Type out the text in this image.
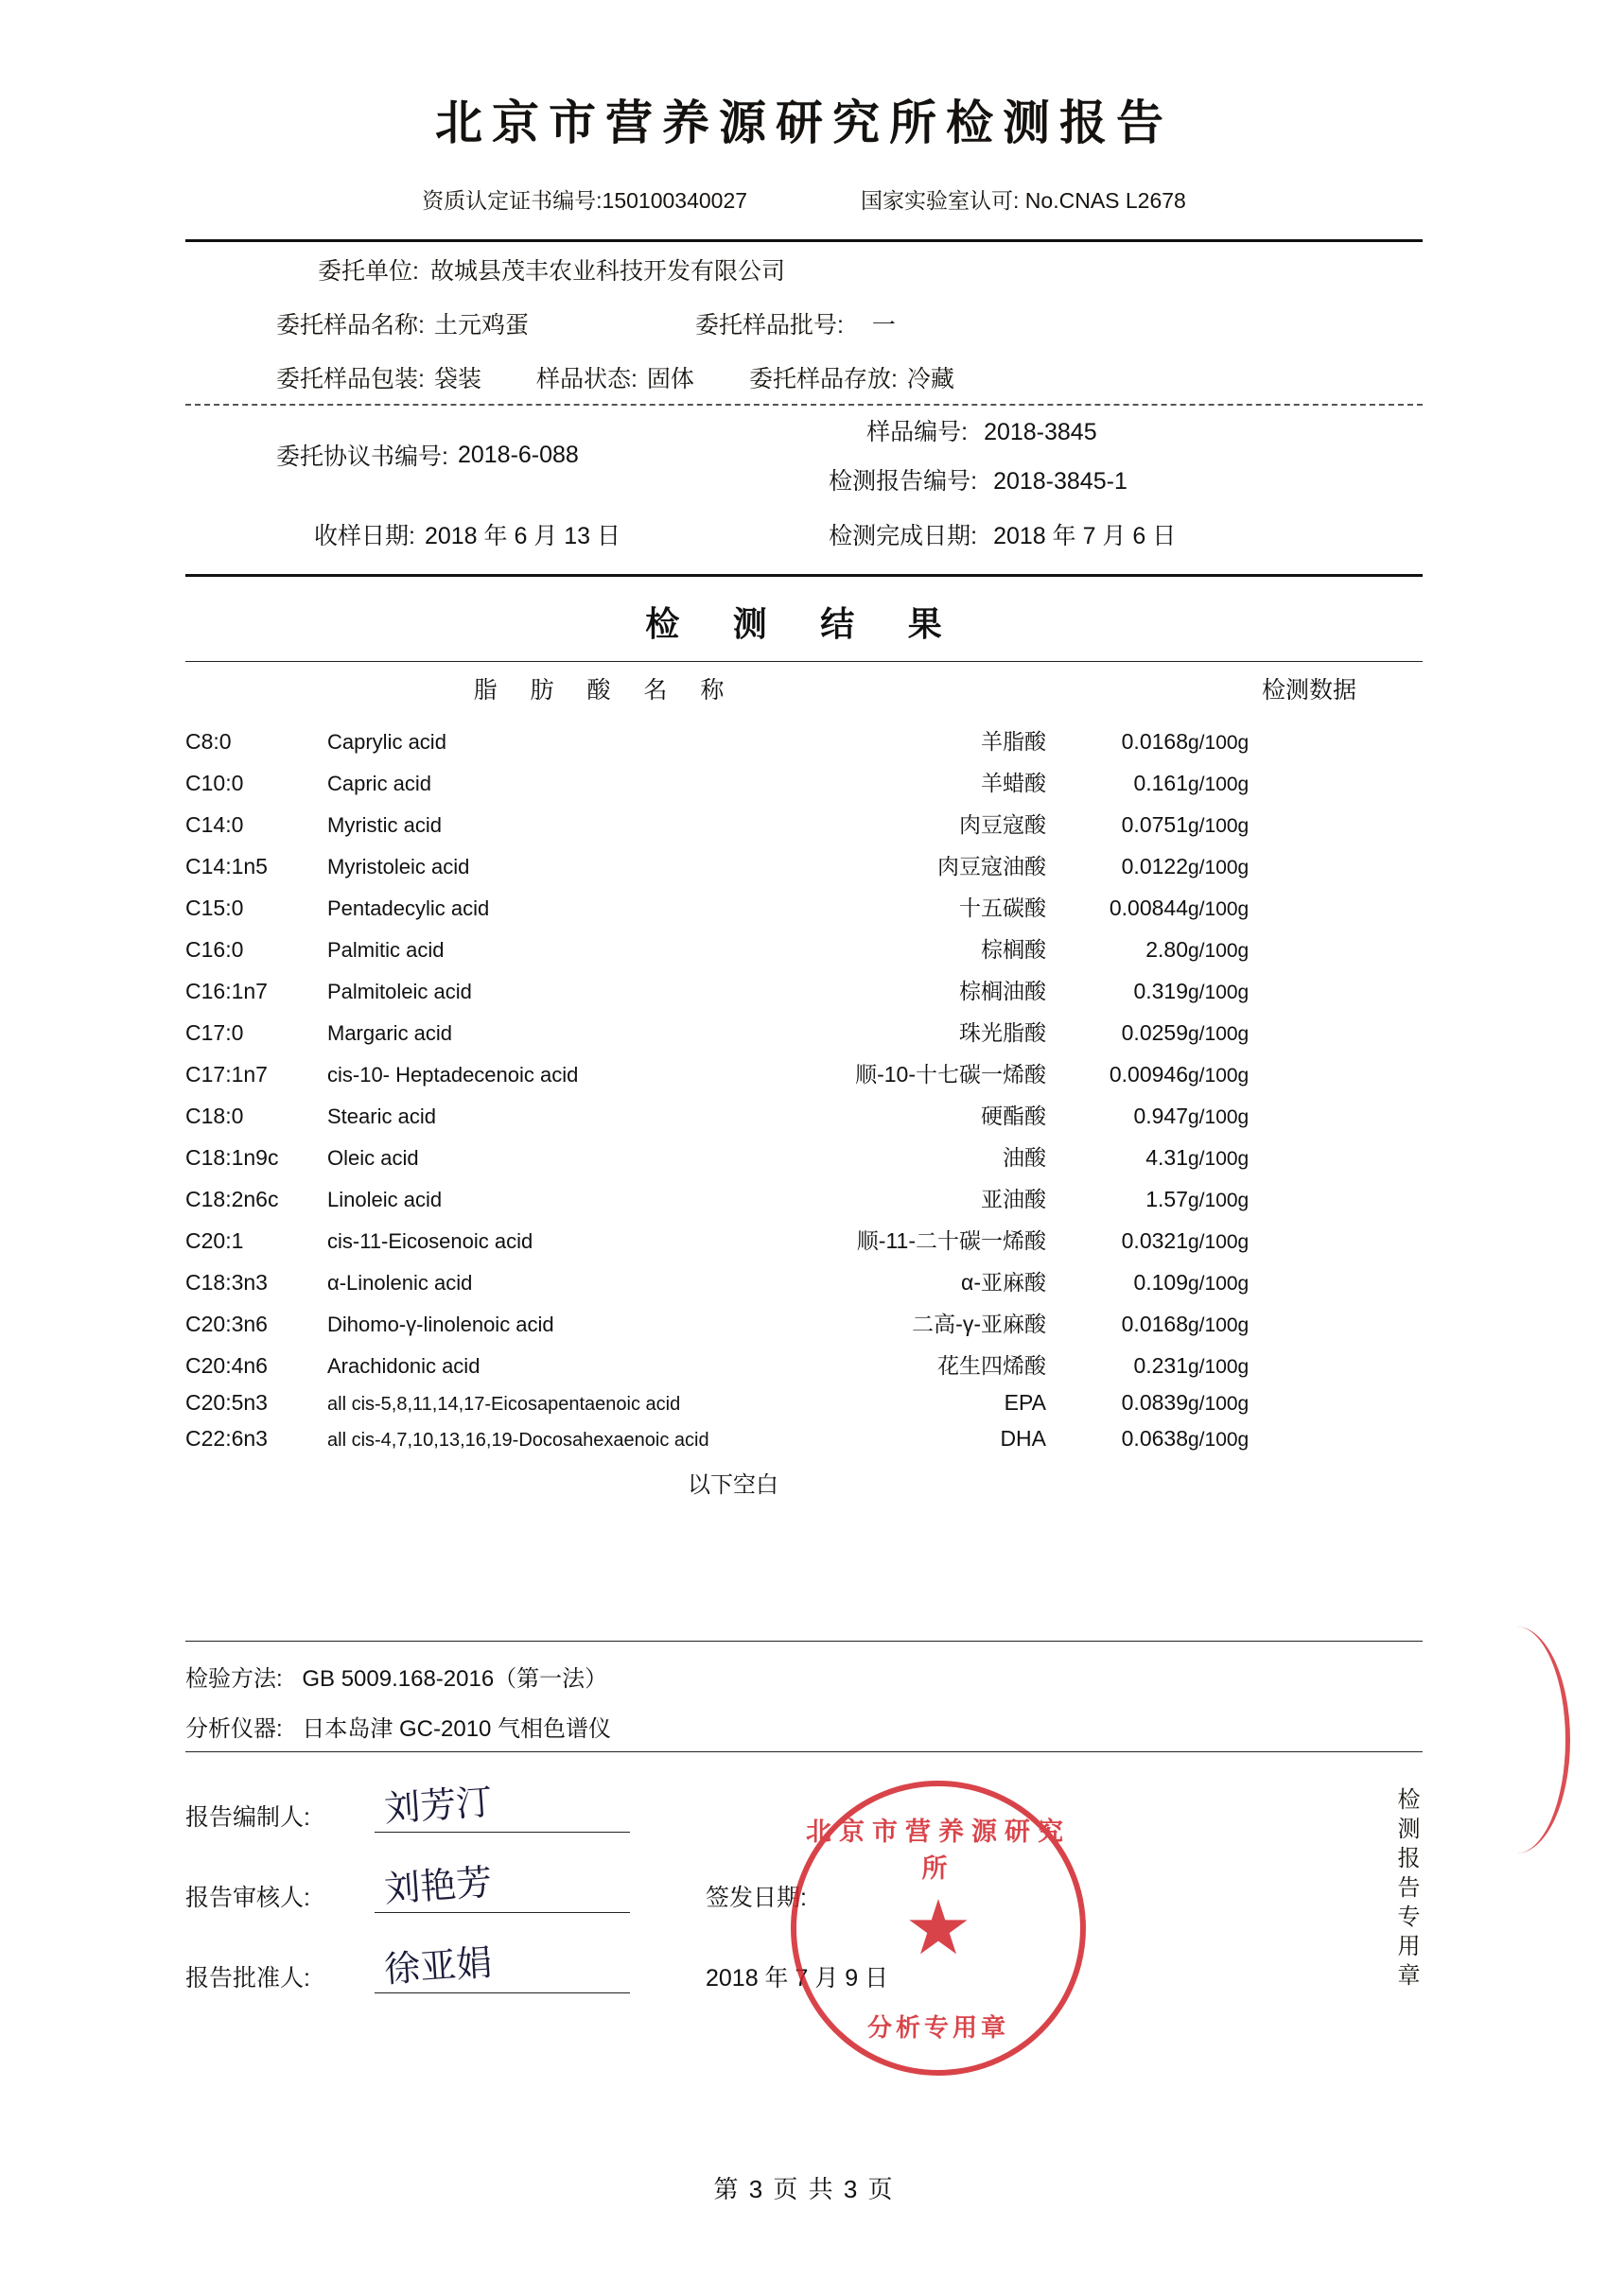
北京市营养源研究所检测报告
资质认定证书编号:150100340027	国家实验室认可: No.CNAS L2678
委托单位: 故城县茂丰农业科技开发有限公司
委托样品名称: 土元鸡蛋	委托样品批号: 一
委托样品包装: 袋装 样品状态: 固体 委托样品存放: 冷藏
委托协议书编号: 2018-6-088
样品编号: 2018-3845
检测报告编号: 2018-3845-1
收样日期: 2018 年 6 月 13 日	检测完成日期: 2018 年 7 月 6 日
检 测 结 果
脂 肪 酸 名 称	检测数据
C8:0	Caprylic acid	羊脂酸	0.0168	g/100g
C10:0	Capric acid	羊蜡酸	0.161	g/100g
C14:0	Myristic acid	肉豆寇酸	0.0751	g/100g
C14:1n5	Myristoleic acid	肉豆寇油酸	0.0122	g/100g
C15:0	Pentadecylic acid	十五碳酸	0.00844	g/100g
C16:0	Palmitic acid	棕榈酸	2.80	g/100g
C16:1n7	Palmitoleic acid	棕榈油酸	0.319	g/100g
C17:0	Margaric acid	珠光脂酸	0.0259	g/100g
C17:1n7	cis-10- Heptadecenoic acid	顺-10-十七碳一烯酸	0.00946	g/100g
C18:0	Stearic acid	硬酯酸	0.947	g/100g
C18:1n9c	Oleic acid	油酸	4.31	g/100g
C18:2n6c	Linoleic acid	亚油酸	1.57	g/100g
C20:1	cis-11-Eicosenoic acid	顺-11-二十碳一烯酸	0.0321	g/100g
C18:3n3	α-Linolenic acid	α-亚麻酸	0.109	g/100g
C20:3n6	Dihomo-γ-linolenoic acid	二高-γ-亚麻酸	0.0168	g/100g
C20:4n6	Arachidonic acid	花生四烯酸	0.231	g/100g
C20:5n3	all cis-5,8,11,14,17-Eicosapentaenoic acid	EPA	0.0839	g/100g
C22:6n3	all cis-4,7,10,13,16,19-Docosahexaenoic acid	DHA	0.0638	g/100g
以下空白
检验方法: GB 5009.168-2016（第一法）
分析仪器: 日本岛津 GC-2010 气相色谱仪
报告编制人:	刘芳汀
报告审核人:	刘艳芳	签发日期:
报告批准人:	徐亚娟	2018 年 7 月 9 日
北京市营养源研究所
★
分析专用章
检测报告专用章
第 3 页 共 3 页
